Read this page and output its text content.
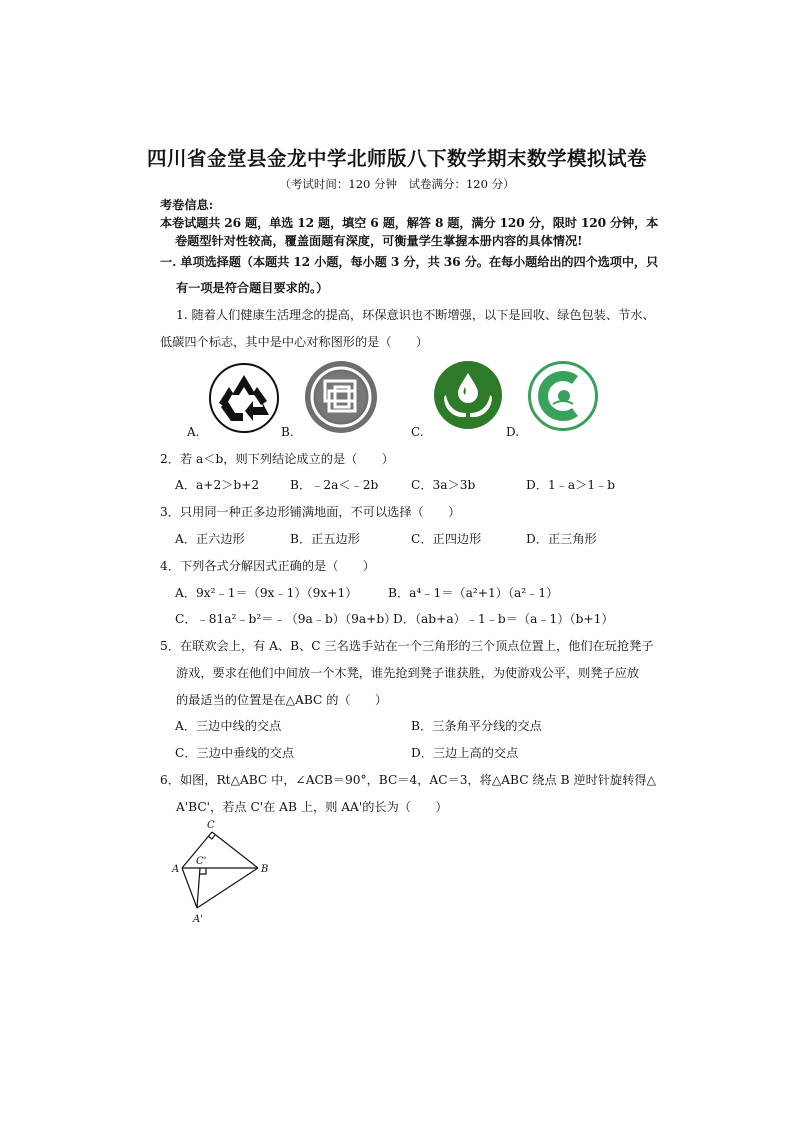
四川省金堂县金龙中学北师版八下数学期末数学模拟试卷
（考试时间：120 分钟　试卷满分：120 分）
考卷信息:
本卷试题共 26 题，单选 12 题，填空 6 题，解答 8 题，满分 120 分，限时 120 分钟，本
卷题型针对性较高，覆盖面题有深度，可衡量学生掌握本册内容的具体情况!
一. 单项选择题（本题共 12 小题，每小题 3 分，共 36 分。在每小题给出的四个选项中，只
有一项是符合题目要求的。）
1. 随着人们健康生活理念的提高，环保意识也不断增强，以下是回收、绿色包装、节水、
低碳四个标志，其中是中心对称图形的是（　　）
A.	B.	C.	D.
2．若 a＜b，则下列结论成立的是（　　）
A．a+2＞b+2	B．﹣2a＜﹣2b	C．3a＞3b	D．1﹣a＞1﹣b
3．只用同一种正多边形铺满地面，不可以选择（　　）
A．正六边形	B．正五边形	C．正四边形	D．正三角形
4．下列各式分解因式正确的是（　　）
A．9x²﹣1＝（9x﹣1）（9x+1）	B．a⁴﹣1＝（a²+1）（a²﹣1）
C．﹣81a²﹣b²＝﹣（9a﹣b）（9a+b）
D．（ab+a）﹣1﹣b＝（a﹣1）（b+1）
5．在联欢会上，有 A、B、C 三名选手站在一个三角形的三个顶点位置上，他们在玩抢凳子
游戏，要求在他们中间放一个木凳，谁先抢到凳子谁获胜，为使游戏公平，则凳子应放
的最适当的位置是在△ABC 的（　　）
A．三边中线的交点	B．三条角平分线的交点
C．三边中垂线的交点	D．三边上高的交点
6．如图，Rt△ABC 中，∠ACB＝90°，BC＝4，AC＝3，将△ABC 绕点 B 逆时针旋转得△
A'BC'，若点 C'在 AB 上，则 AA'的长为（　　）
C
C'
A	B
A'
